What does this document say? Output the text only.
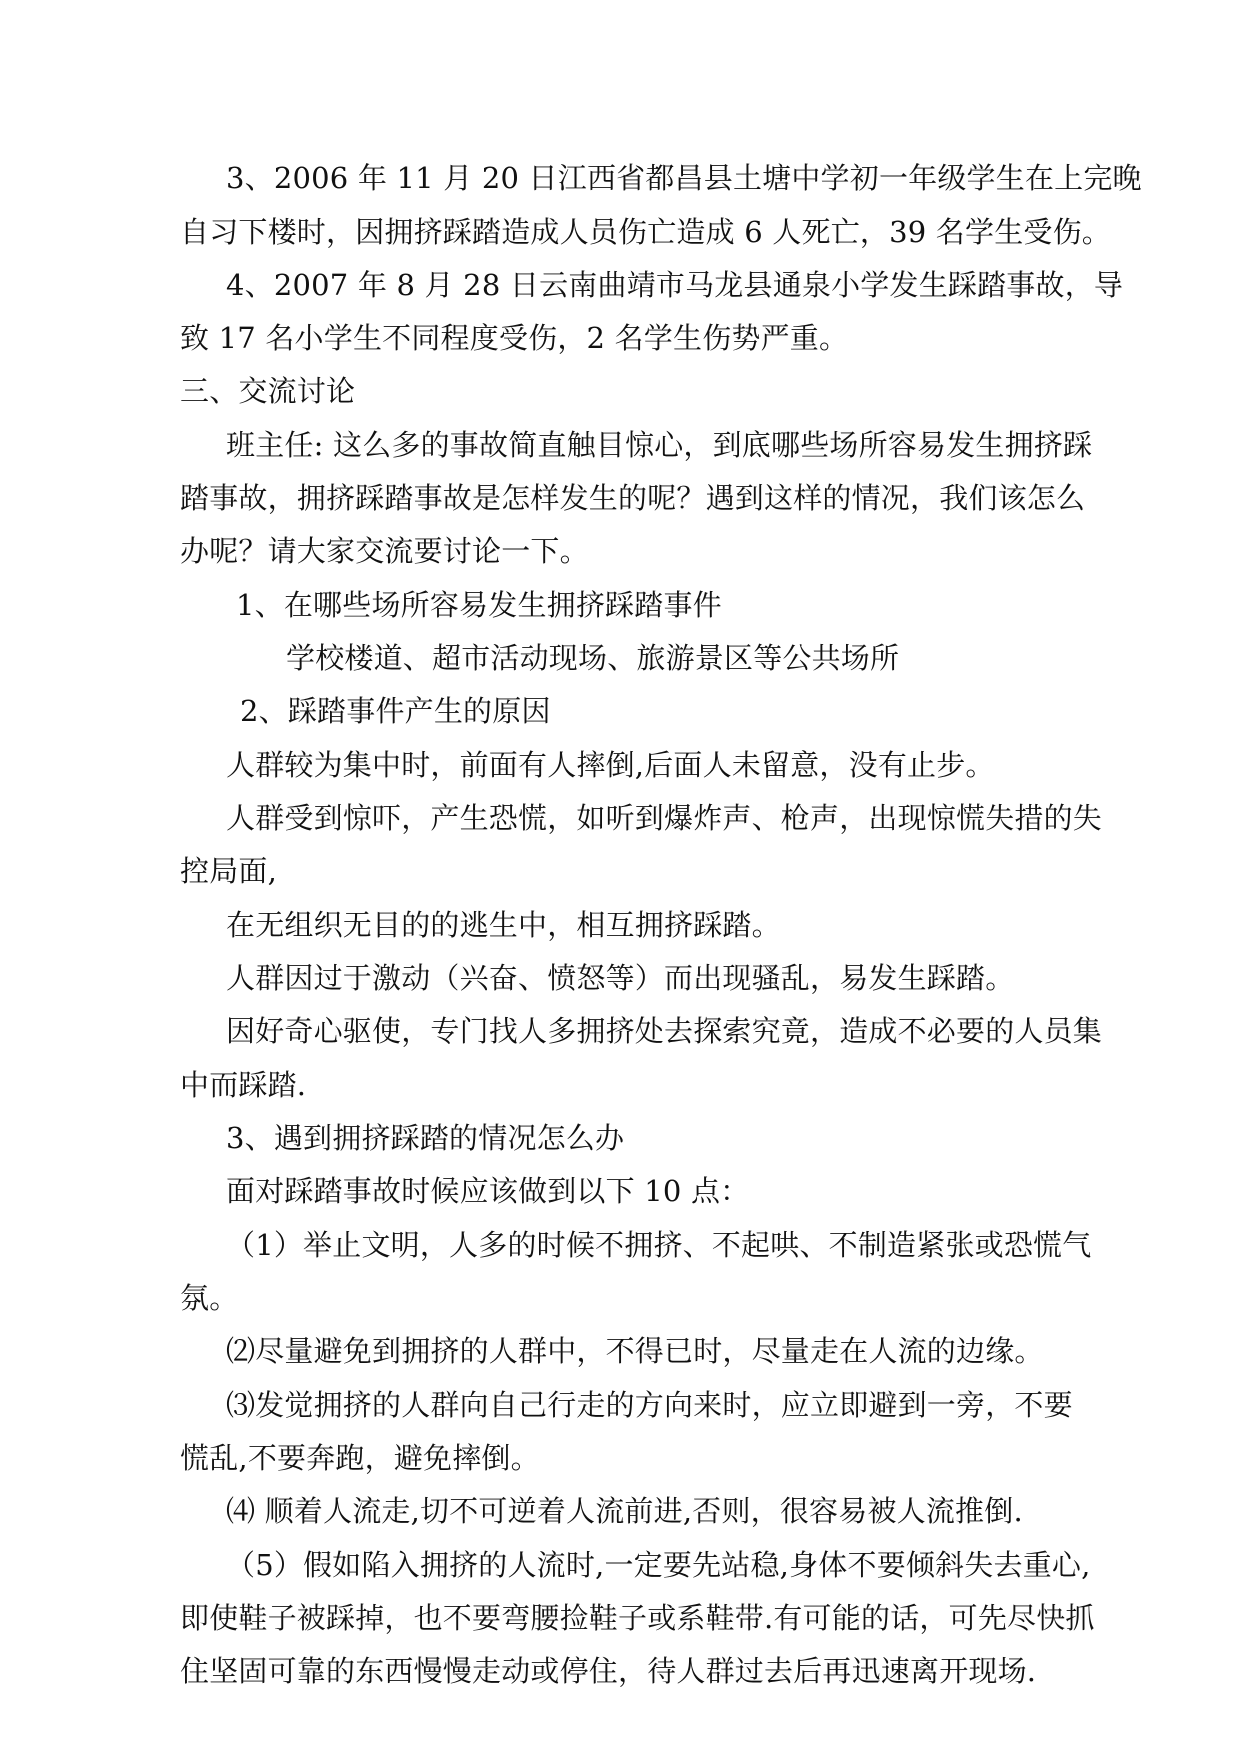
3、2006 年 11 月 20 日江西省都昌县土塘中学初一年级学生在上完晚
自习下楼时，因拥挤踩踏造成人员伤亡造成 6 人死亡，39 名学生受伤。
4、2007 年 8 月 28 日云南曲靖市马龙县通泉小学发生踩踏事故，导
致 17 名小学生不同程度受伤，2 名学生伤势严重。
三、交流讨论
班主任: 这么多的事故简直触目惊心，到底哪些场所容易发生拥挤踩
踏事故，拥挤踩踏事故是怎样发生的呢？遇到这样的情况，我们该怎么
办呢？请大家交流要讨论一下。
1、在哪些场所容易发生拥挤踩踏事件
学校楼道、超市活动现场、旅游景区等公共场所
2、踩踏事件产生的原因
人群较为集中时，前面有人摔倒,后面人未留意，没有止步。
人群受到惊吓，产生恐慌，如听到爆炸声、枪声，出现惊慌失措的失
控局面,
在无组织无目的的逃生中，相互拥挤踩踏。
人群因过于激动（兴奋、愤怒等）而出现骚乱，易发生踩踏。
因好奇心驱使，专门找人多拥挤处去探索究竟，造成不必要的人员集
中而踩踏.
3、遇到拥挤踩踏的情况怎么办
面对踩踏事故时候应该做到以下 10 点：
（1）举止文明，人多的时候不拥挤、不起哄、不制造紧张或恐慌气
氛。
⑵尽量避免到拥挤的人群中，不得已时，尽量走在人流的边缘。
⑶发觉拥挤的人群向自己行走的方向来时，应立即避到一旁，不要
慌乱,不要奔跑，避免摔倒。
⑷ 顺着人流走,切不可逆着人流前进,否则，很容易被人流推倒.
（5）假如陷入拥挤的人流时,一定要先站稳,身体不要倾斜失去重心,
即使鞋子被踩掉，也不要弯腰捡鞋子或系鞋带.有可能的话，可先尽快抓
住坚固可靠的东西慢慢走动或停住，待人群过去后再迅速离开现场.
